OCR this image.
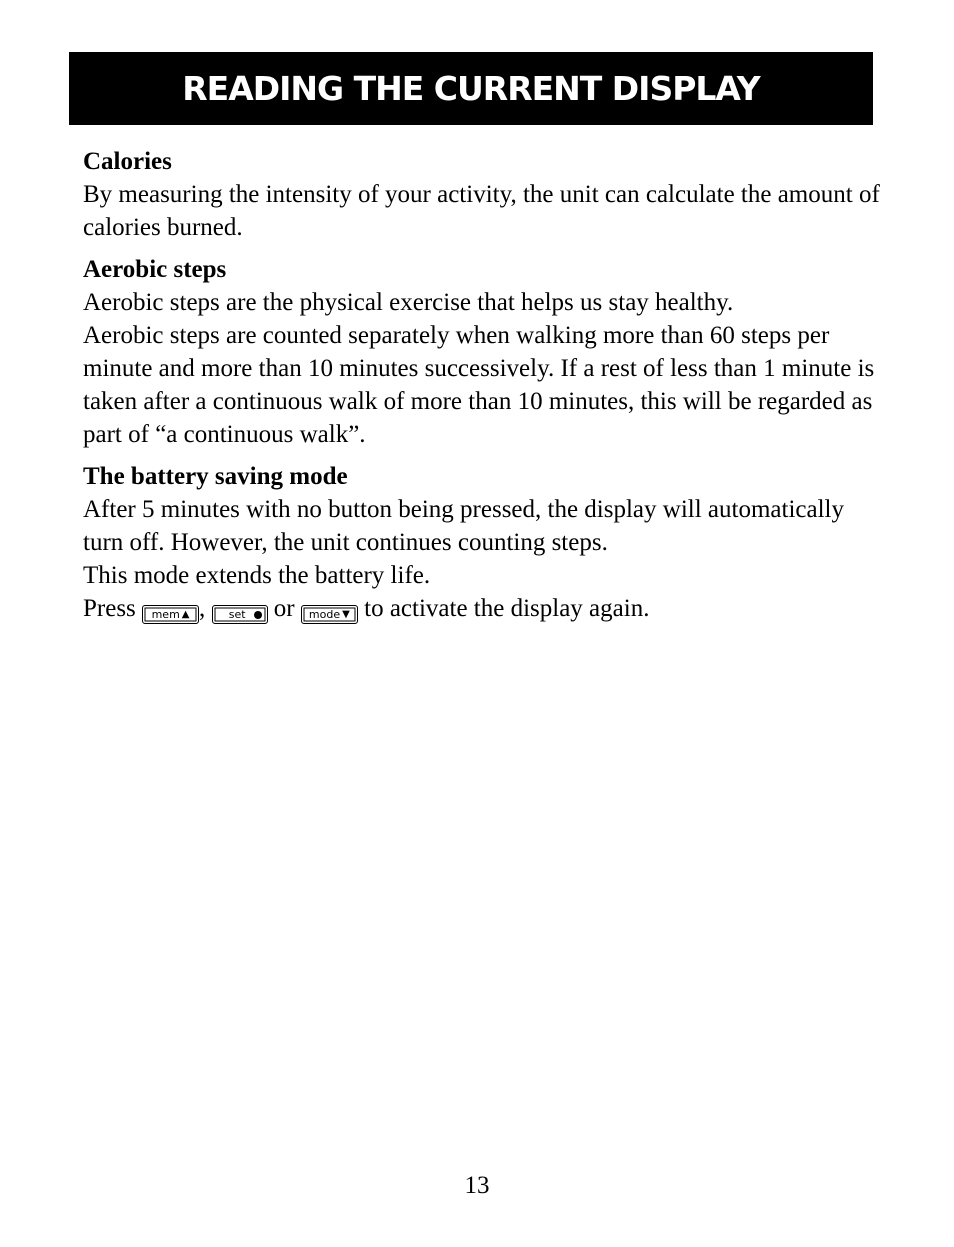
READING THE CURRENT DISPLAY
Calories

By measuring the intensity of your activity, the unit can calculate the amount of calories burned.

Aerobic steps

Aerobic steps are the physical exercise that helps us stay healthy.

Aerobic steps are counted separately when walking more than 60 steps per minute and more than 10 minutes successively. If a rest of less than 1 minute is taken after a continuous walk of more than 10 minutes, this will be regarded as part of “a continuous walk”.

The battery saving mode

After 5 minutes with no button being pressed, the display will automatically turn off. However, the unit continues counting steps.

This mode extends the battery life.

Press mem ▲ , set or mode ▼ to activate the display again.

13
